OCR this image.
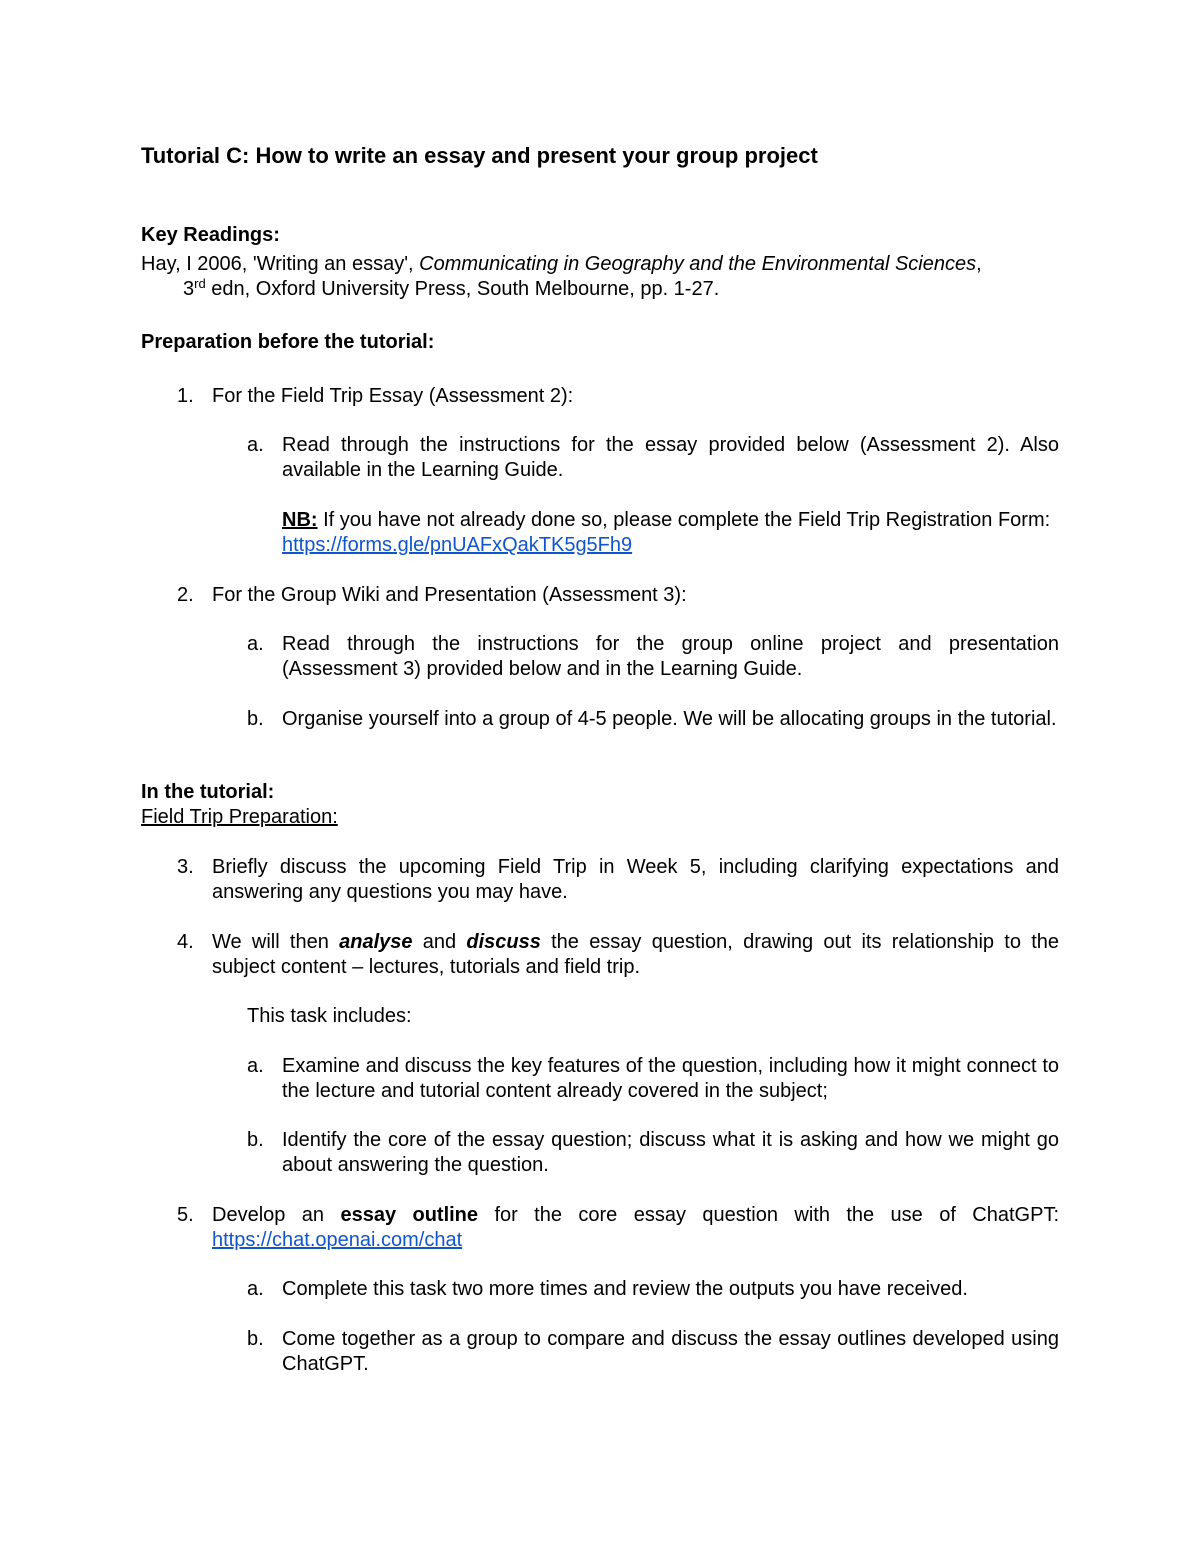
Tutorial C: How to write an essay and present your group project
Key Readings:
Hay, I 2006, 'Writing an essay', Communicating in Geography and the Environmental Sciences,
3rd edn, Oxford University Press, South Melbourne, pp. 1-27.
Preparation before the tutorial:
1. For the Field Trip Essay (Assessment 2):
a. Read through the instructions for the essay provided below (Assessment 2). Also available in the Learning Guide.
NB: If you have not already done so, please complete the Field Trip Registration Form: https://forms.gle/pnUAFxQakTK5g5Fh9
2. For the Group Wiki and Presentation (Assessment 3):
a. Read through the instructions for the group online project and presentation (Assessment 3) provided below and in the Learning Guide.
b. Organise yourself into a group of 4-5 people. We will be allocating groups in the tutorial.
In the tutorial:
Field Trip Preparation:
3. Briefly discuss the upcoming Field Trip in Week 5, including clarifying expectations and answering any questions you may have.
4. We will then analyse and discuss the essay question, drawing out its relationship to the subject content – lectures, tutorials and field trip.
This task includes:
a. Examine and discuss the key features of the question, including how it might connect to the lecture and tutorial content already covered in the subject;
b. Identify the core of the essay question; discuss what it is asking and how we might go about answering the question.
5. Develop an essay outline for the core essay question with the use of ChatGPT: https://chat.openai.com/chat
a. Complete this task two more times and review the outputs you have received.
b. Come together as a group to compare and discuss the essay outlines developed using ChatGPT.
